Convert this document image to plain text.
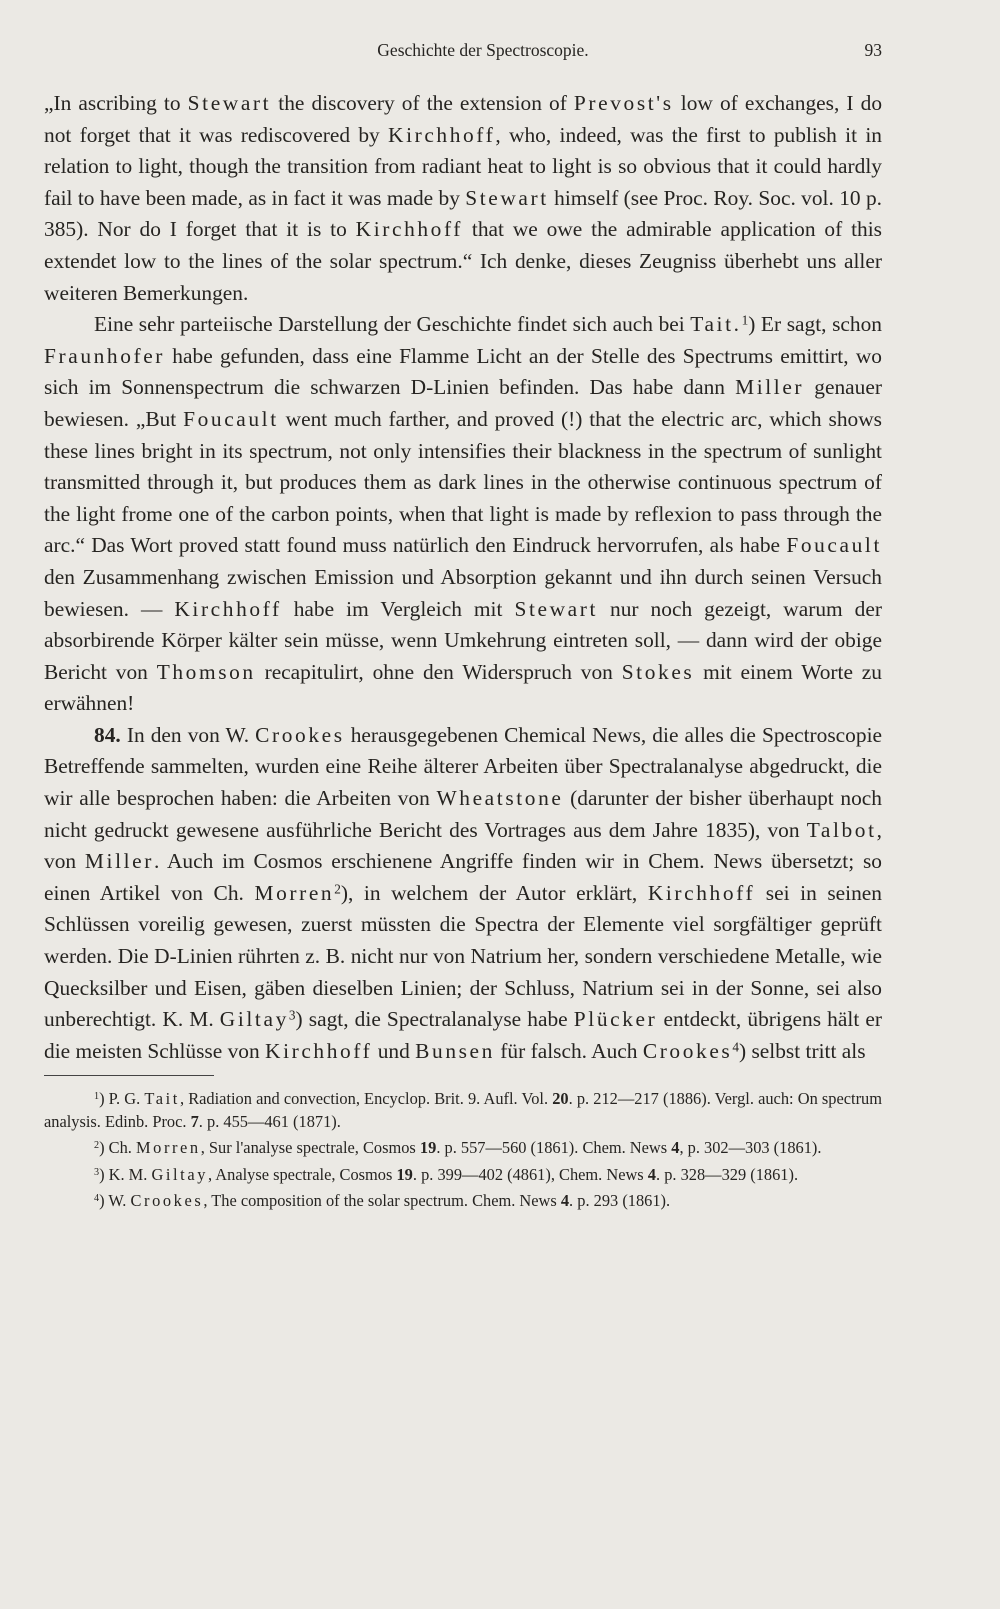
Geschichte der Spectroscopie.	93

„In ascribing to Stewart the discovery of the extension of Prevost's low of exchanges, I do not forget that it was rediscovered by Kirchhoff, who, indeed, was the first to publish it in relation to light, though the transition from radiant heat to light is so obvious that it could hardly fail to have been made, as in fact it was made by Stewart himself (see Proc. Roy. Soc. vol. 10 p. 385). Nor do I forget that it is to Kirchhoff that we owe the admirable application of this extendet low to the lines of the solar spectrum.“ Ich denke, dieses Zeugniss überhebt uns aller weiteren Bemerkungen.

Eine sehr parteiische Darstellung der Geschichte findet sich auch bei Tait.$^1$) Er sagt, schon Fraunhofer habe gefunden, dass eine Flamme Licht an der Stelle des Spectrums emittirt, wo sich im Sonnenspectrum die schwarzen D-Linien befinden. Das habe dann Miller genauer bewiesen. „But Foucault went much farther, and proved (!) that the electric arc, which shows these lines bright in its spectrum, not only intensifies their blackness in the spectrum of sunlight transmitted through it, but produces them as dark lines in the otherwise continuous spectrum of the light frome one of the carbon points, when that light is made by reflexion to pass through the arc.“ Das Wort proved statt found muss natürlich den Eindruck hervorrufen, als habe Foucault den Zusammenhang zwischen Emission und Absorption gekannt und ihn durch seinen Versuch bewiesen. — Kirchhoff habe im Vergleich mit Stewart nur noch gezeigt, warum der absorbirende Körper kälter sein müsse, wenn Umkehrung eintreten soll, — dann wird der obige Bericht von Thomson recapitulirt, ohne den Widerspruch von Stokes mit einem Worte zu erwähnen!

84. In den von W. Crookes herausgegebenen Chemical News, die alles die Spectroscopie Betreffende sammelten, wurden eine Reihe älterer Arbeiten über Spectralanalyse abgedruckt, die wir alle besprochen haben: die Arbeiten von Wheatstone (darunter der bisher überhaupt noch nicht gedruckt gewesene ausführliche Bericht des Vortrages aus dem Jahre 1835), von Talbot, von Miller. Auch im Cosmos erschienene Angriffe finden wir in Chem. News übersetzt; so einen Artikel von Ch. Morren$^2$), in welchem der Autor erklärt, Kirchhoff sei in seinen Schlüssen voreilig gewesen, zuerst müssten die Spectra der Elemente viel sorgfältiger geprüft werden. Die D-Linien rührten z. B. nicht nur von Natrium her, sondern verschiedene Metalle, wie Quecksilber und Eisen, gäben dieselben Linien; der Schluss, Natrium sei in der Sonne, sei also unberechtigt. K. M. Giltay$^3$) sagt, die Spectralanalyse habe Plücker entdeckt, übrigens hält er die meisten Schlüsse von Kirchhoff und Bunsen für falsch. Auch Crookes$^4$) selbst tritt als

$^1$) P. G. Tait, Radiation and convection, Encyclop. Brit. 9. Aufl. Vol. 20. p. 212—217 (1886). Vergl. auch: On spectrum analysis. Edinb. Proc. 7. p. 455—461 (1871).

$^2$) Ch. Morren, Sur l'analyse spectrale, Cosmos 19. p. 557—560 (1861). Chem. News 4, p. 302—303 (1861).

$^3$) K. M. Giltay, Analyse spectrale, Cosmos 19. p. 399—402 (4861), Chem. News 4. p. 328—329 (1861).

$^4$) W. Crookes, The composition of the solar spectrum. Chem. News 4. p. 293 (1861).
